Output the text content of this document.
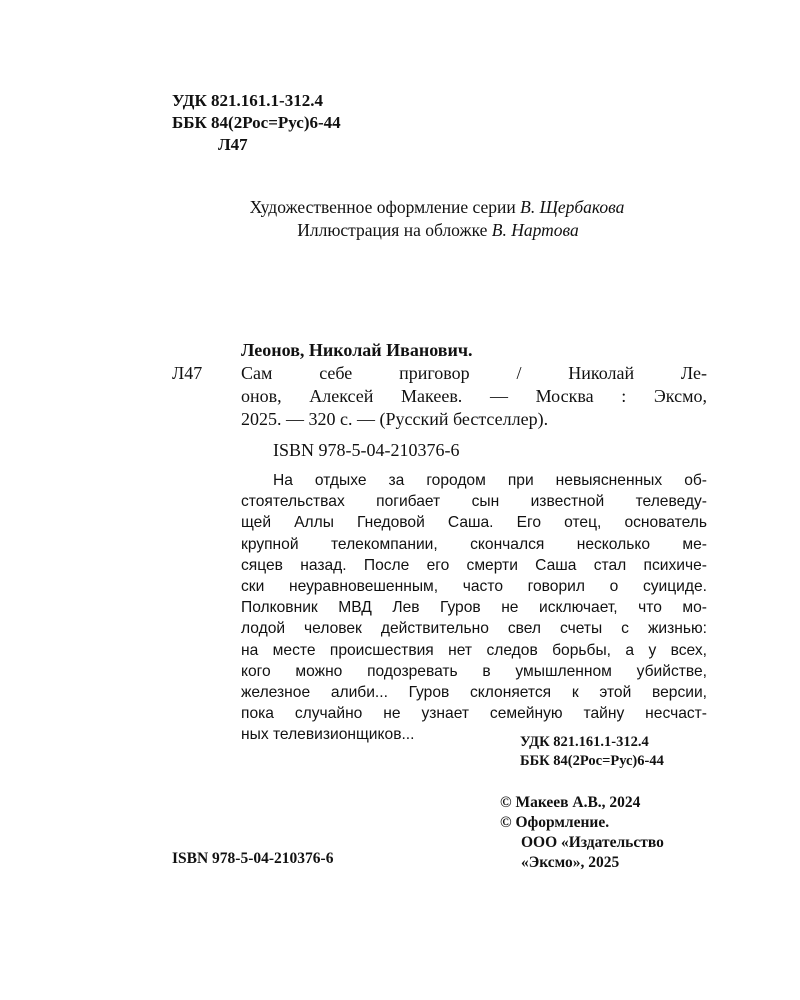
УДК 821.161.1-312.4
ББК 84(2Рос=Рус)6-44
Л47
Художественное оформление серии В. Щербакова
Иллюстрация на обложке В. Нартова
Леонов, Николай Иванович.
Л47 Сам себе приговор / Николай Ле-
онов, Алексей Макеев. — Москва : Эксмо,
2025. — 320 с. — (Русский бестселлер).
ISBN 978-5-04-210376-6
На отдыхе за городом при невыясненных об-
стоятельствах погибает сын известной телеведу-
щей Аллы Гнедовой Саша. Его отец, основатель
крупной телекомпании, скончался несколько ме-
сяцев назад. После его смерти Саша стал психиче-
ски неуравновешенным, часто говорил о суициде.
Полковник МВД Лев Гуров не исключает, что мо-
лодой человек действительно свел счеты с жизнью:
на месте происшествия нет следов борьбы, а у всех,
кого можно подозревать в умышленном убийстве,
железное алиби... Гуров склоняется к этой версии,
пока случайно не узнает семейную тайну несчаст-
ных телевизионщиков...	УДК 821.161.1-312.4
ББК 84(2Рос=Рус)6-44
© Макеев А.В., 2024
© Оформление.
ООО «Издательство
«Эксмо», 2025
ISBN 978-5-04-210376-6
